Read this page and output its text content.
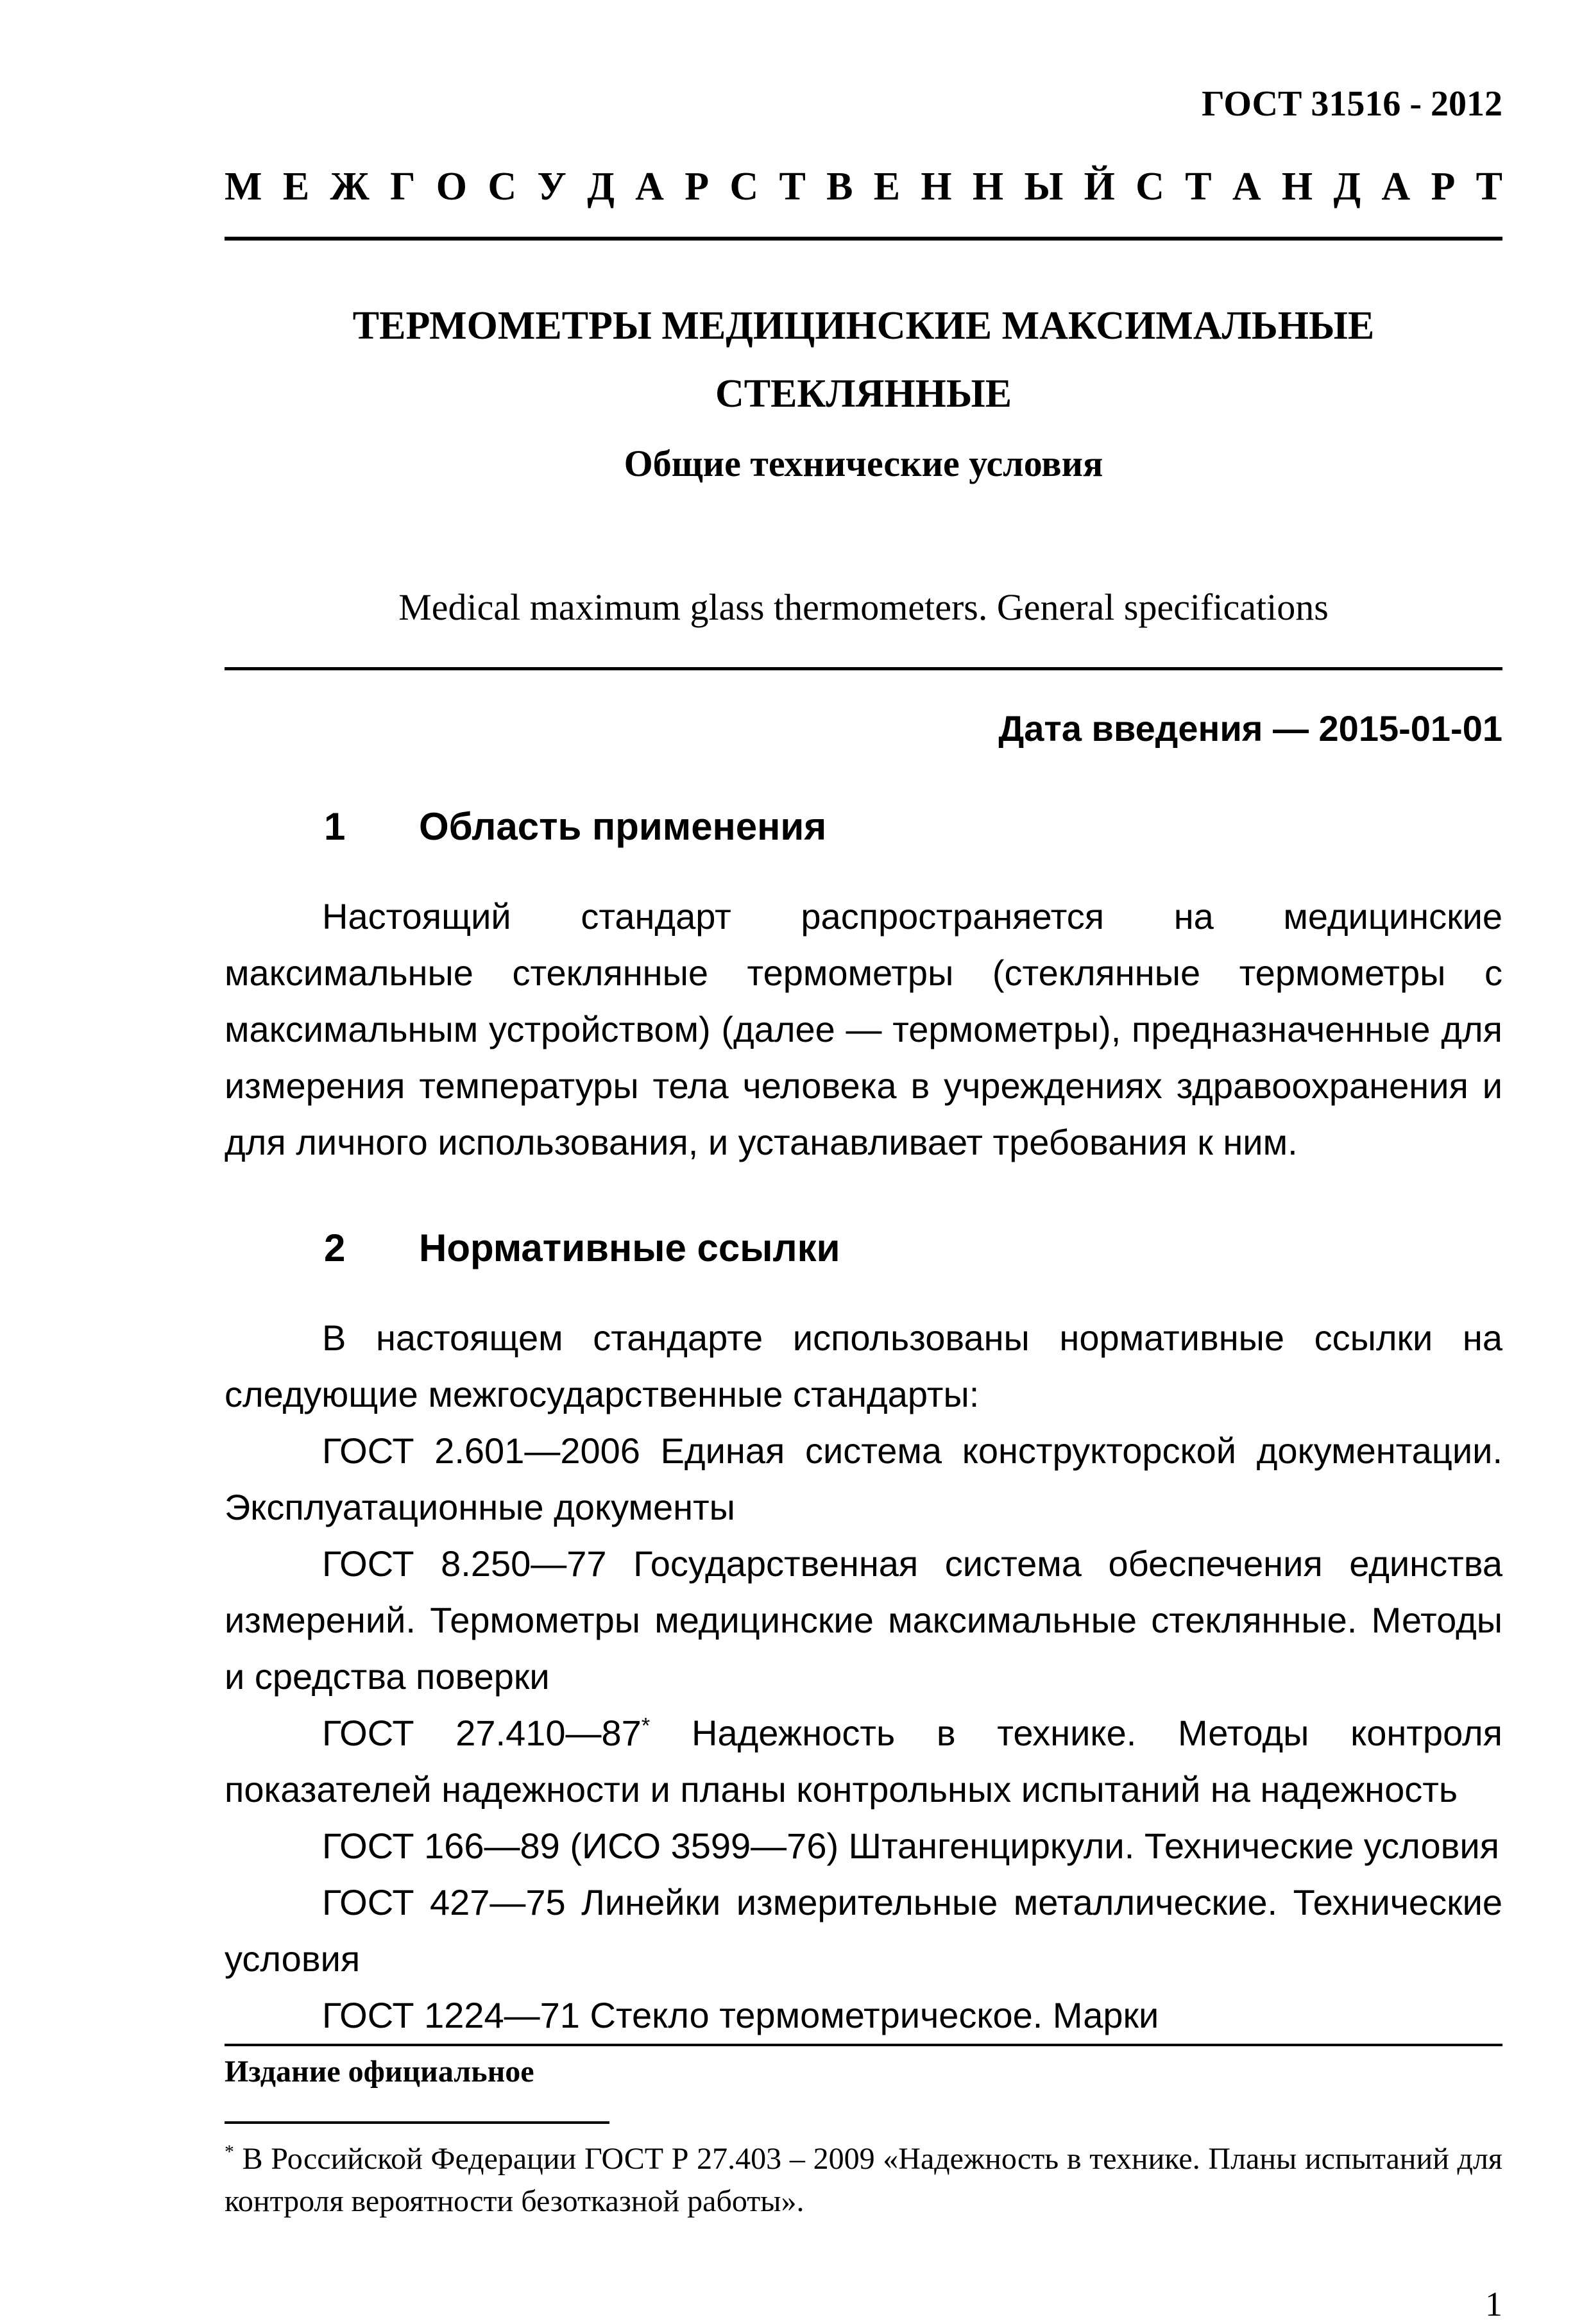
ГОСТ 31516 - 2012
М Е Ж Г О С У Д А Р С Т В Е Н Н Ы Й С Т А Н Д А Р Т
ТЕРМОМЕТРЫ МЕДИЦИНСКИЕ МАКСИМАЛЬНЫЕ
СТЕКЛЯННЫЕ
Общие технические условия
Medical maximum glass thermometers. General specifications
Дата введения — 2015-01-01
1 Область применения

Настоящий стандарт распространяется на медицинские максимальные стеклянные термометры (стеклянные термометры с максимальным устройством) (далее — термометры), предназначенные для измерения температуры тела человека в учреждениях здравоохранения и для личного использования, и устанавливает требования к ним.

2 Нормативные ссылки

В настоящем стандарте использованы нормативные ссылки на следующие межгосударственные стандарты:

ГОСТ 2.601—2006 Единая система конструкторской документации. Эксплуатационные документы

ГОСТ 8.250—77 Государственная система обеспечения единства измерений. Термометры медицинские максимальные стеклянные. Методы и средства поверки

ГОСТ 27.410—87* Надежность в технике. Методы контроля показателей надежности и планы контрольных испытаний на надежность

ГОСТ 166—89 (ИСО 3599—76) Штангенциркули. Технические условия

ГОСТ 427—75 Линейки измерительные металлические. Технические условия

ГОСТ 1224—71 Стекло термометрическое. Марки

Издание официальное

* В Российской Федерации ГОСТ Р 27.403 – 2009 «Надежность в технике. Планы испытаний для контроля вероятности безотказной работы».

1
